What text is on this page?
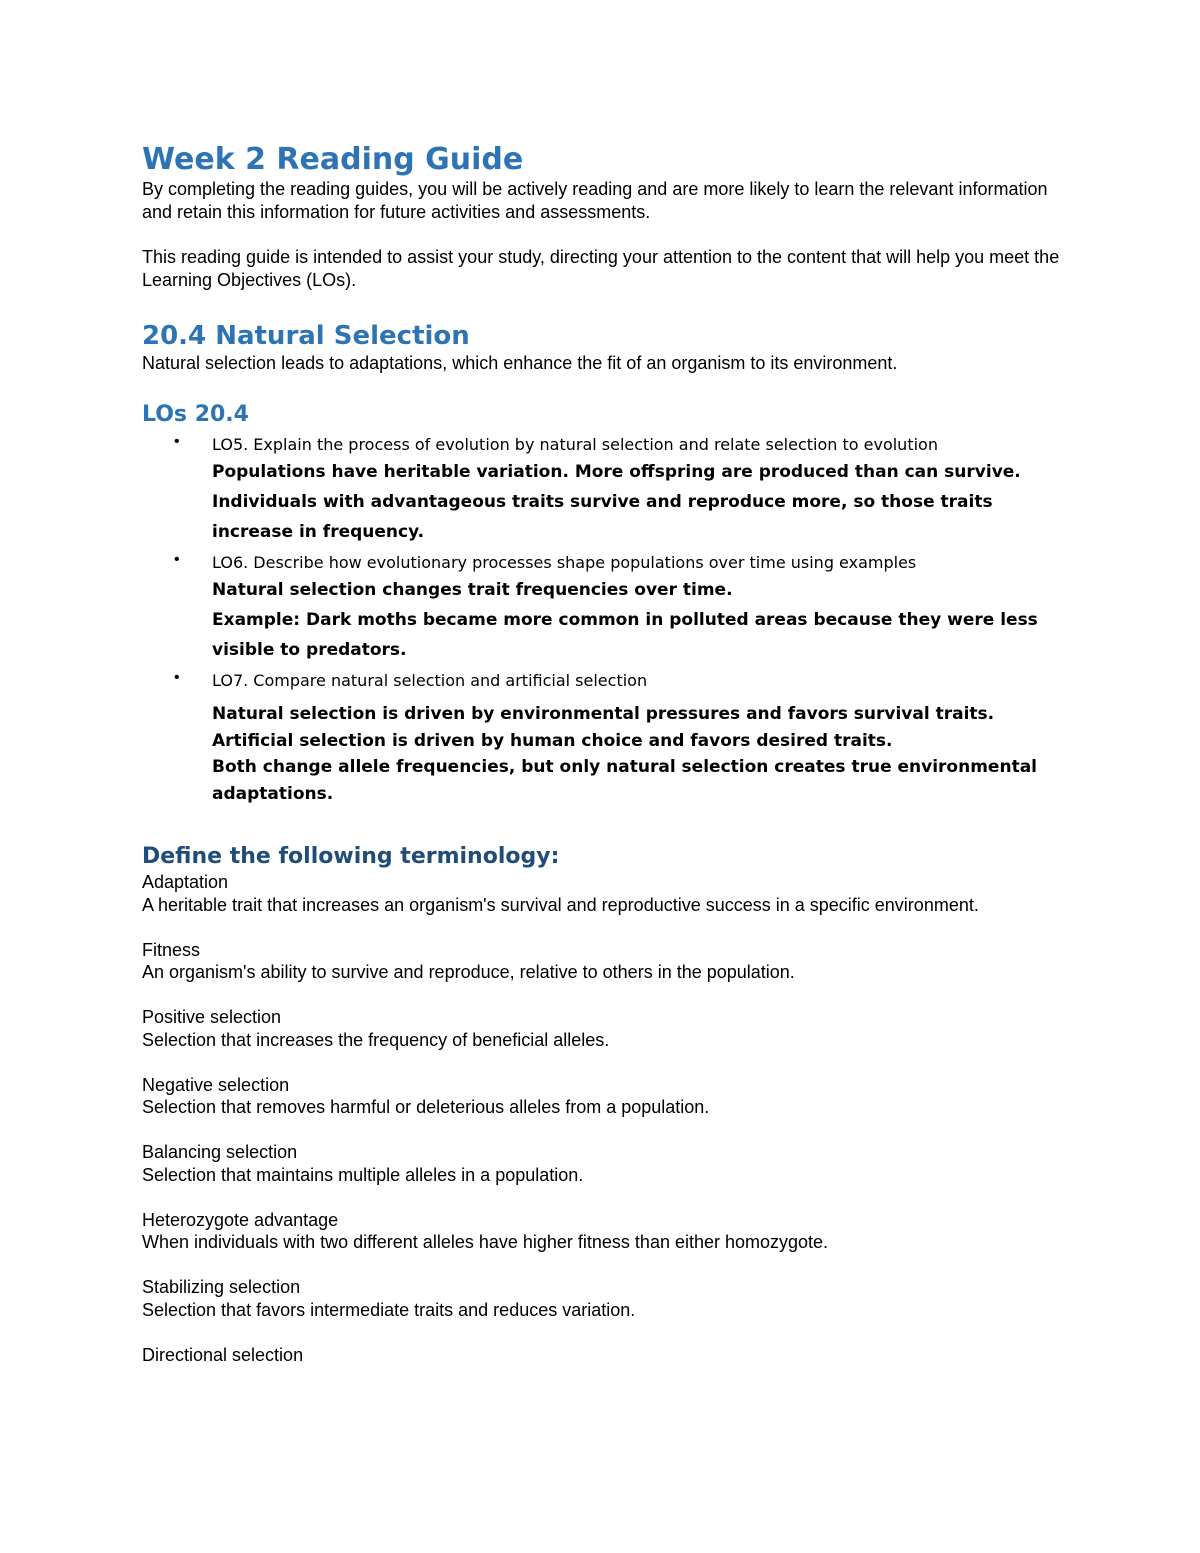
Week 2 Reading Guide

By completing the reading guides, you will be actively reading and are more likely to learn the relevant information and retain this information for future activities and assessments.

This reading guide is intended to assist your study, directing your attention to the content that will help you meet the Learning Objectives (LOs).

20.4 Natural Selection

Natural selection leads to adaptations, which enhance the fit of an organism to its environment.

LOs 20.4
• LO5. Explain the process of evolution by natural selection and relate selection to evolution

Populations have heritable variation. More offspring are produced than can survive.

Individuals with advantageous traits survive and reproduce more, so those traits increase in frequency.

• LO6. Describe how evolutionary processes shape populations over time using examples

Natural selection changes trait frequencies over time.

Example: Dark moths became more common in polluted areas because they were less visible to predators.

• LO7. Compare natural selection and artificial selection

Natural selection is driven by environmental pressures and favors survival traits.

Artificial selection is driven by human choice and favors desired traits.

Both change allele frequencies, but only natural selection creates true environmental adaptations.

Define the following terminology:

Adaptation

A heritable trait that increases an organism's survival and reproductive success in a specific environment.

Fitness

An organism's ability to survive and reproduce, relative to others in the population.

Positive selection

Selection that increases the frequency of beneficial alleles.

Negative selection

Selection that removes harmful or deleterious alleles from a population.

Balancing selection

Selection that maintains multiple alleles in a population.

Heterozygote advantage

When individuals with two different alleles have higher fitness than either homozygote.

Stabilizing selection

Selection that favors intermediate traits and reduces variation.

Directional selection
